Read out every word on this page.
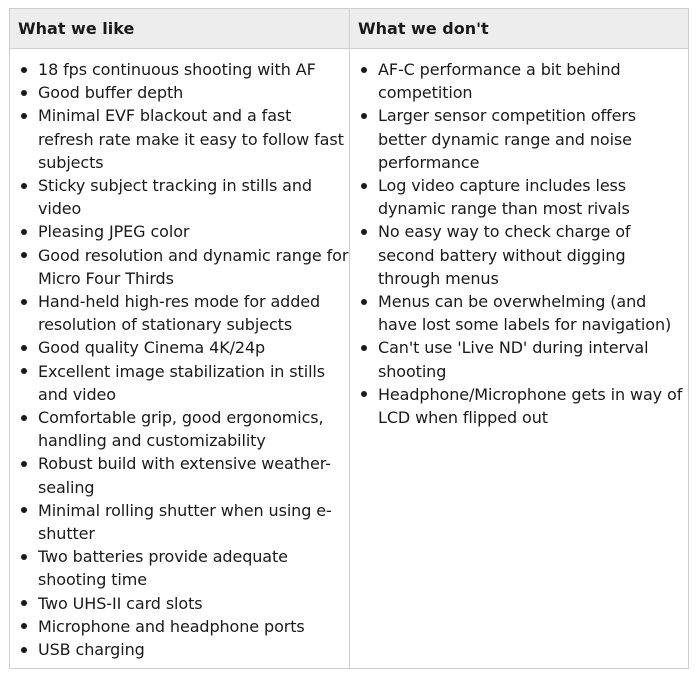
What we like	What we don't
18 fps continuous shooting with AF
Good buffer depth
Minimal EVF blackout and a fast refresh rate make it easy to follow fast subjects
Sticky subject tracking in stills and video
Pleasing JPEG color
Good resolution and dynamic range for Micro Four Thirds
Hand-held high-res mode for added resolution of stationary subjects
Good quality Cinema 4K/24p
Excellent image stabilization in stills and video
Comfortable grip, good ergonomics, handling and customizability
Robust build with extensive weather-sealing
Minimal rolling shutter when using e-shutter
Two batteries provide adequate shooting time
Two UHS-II card slots
Microphone and headphone ports
USB charging
AF-C performance a bit behind competition
Larger sensor competition offers better dynamic range and noise performance
Log video capture includes less dynamic range than most rivals
No easy way to check charge of second battery without digging through menus
Menus can be overwhelming (and have lost some labels for navigation)
Can't use 'Live ND' during interval shooting
Headphone/Microphone gets in way of LCD when flipped out
